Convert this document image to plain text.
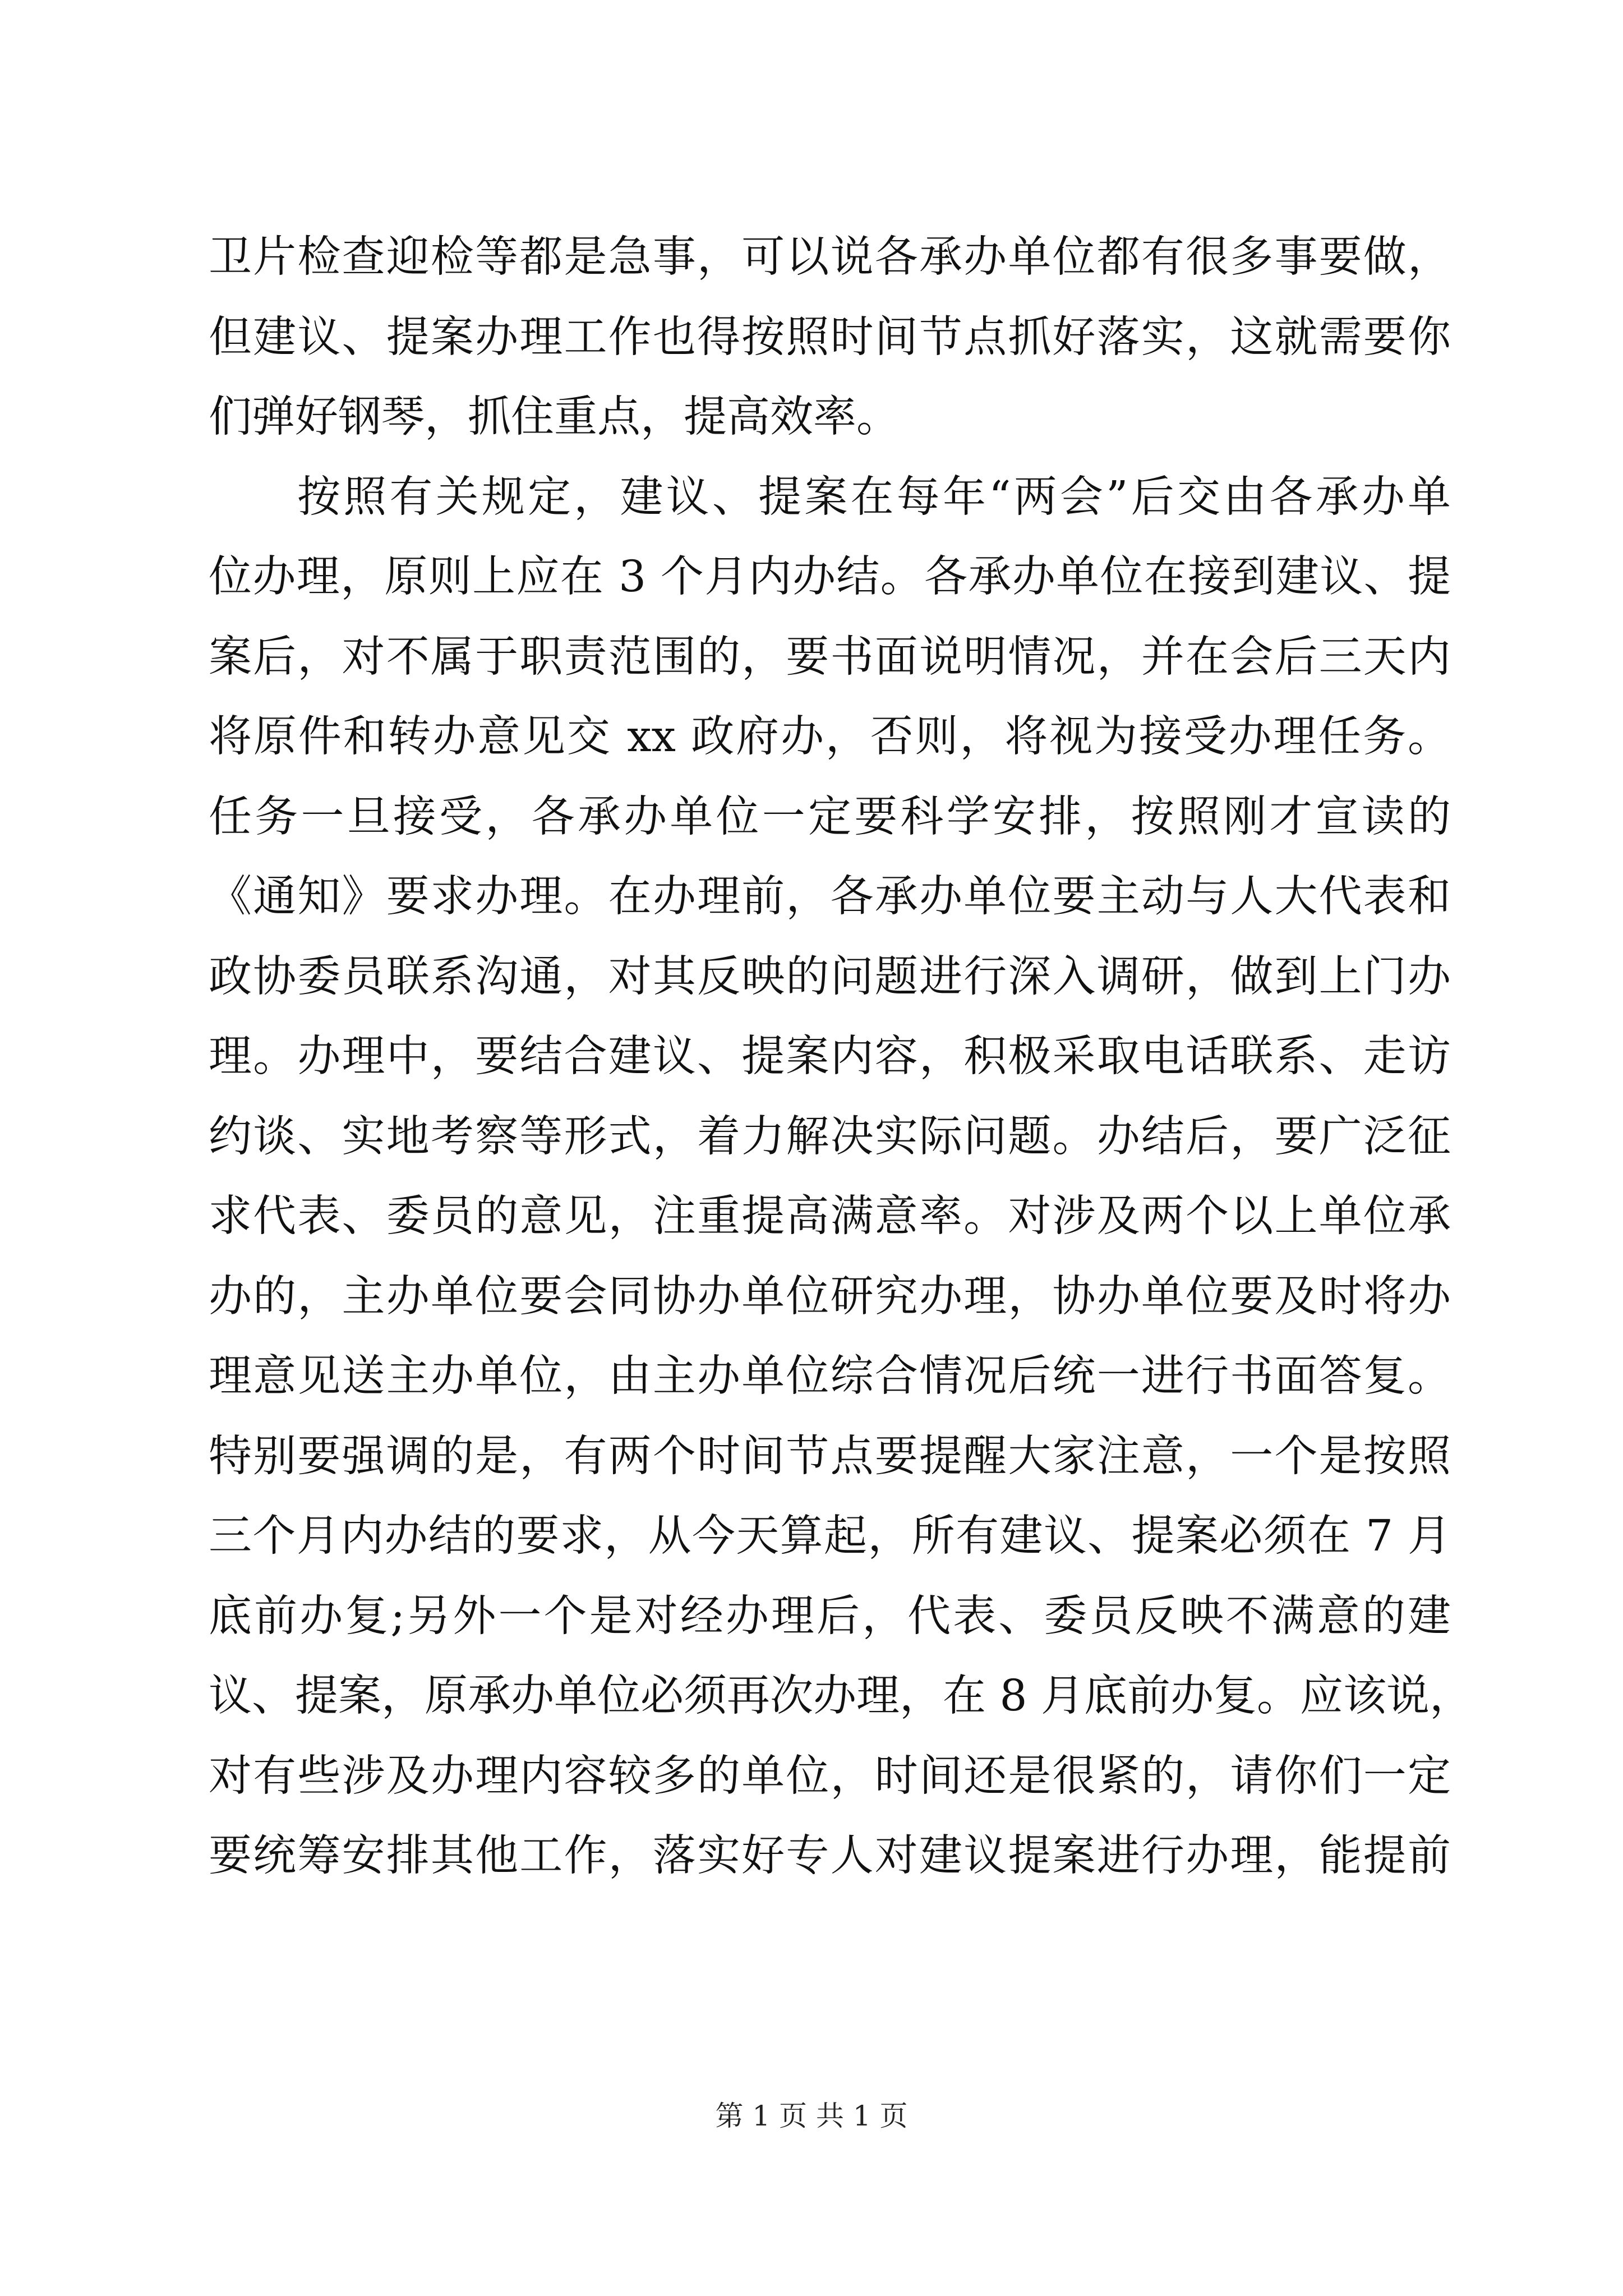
卫片检查迎检等都是急事，可以说各承办单位都有很多事要做，
但建议、提案办理工作也得按照时间节点抓好落实，这就需要你
们弹好钢琴，抓住重点，提高效率。
按照有关规定，建议、提案在每年“两会”后交由各承办单
位办理，原则上应在 3 个月内办结。各承办单位在接到建议、提
案后，对不属于职责范围的，要书面说明情况，并在会后三天内
将原件和转办意见交 xx 政府办，否则，将视为接受办理任务。
任务一旦接受，各承办单位一定要科学安排，按照刚才宣读的
《通知》要求办理。在办理前，各承办单位要主动与人大代表和
政协委员联系沟通，对其反映的问题进行深入调研，做到上门办
理。办理中，要结合建议、提案内容，积极采取电话联系、走访
约谈、实地考察等形式，着力解决实际问题。办结后，要广泛征
求代表、委员的意见，注重提高满意率。对涉及两个以上单位承
办的，主办单位要会同协办单位研究办理，协办单位要及时将办
理意见送主办单位，由主办单位综合情况后统一进行书面答复。
特别要强调的是，有两个时间节点要提醒大家注意，一个是按照
三个月内办结的要求，从今天算起，所有建议、提案必须在 7 月
底前办复;另外一个是对经办理后，代表、委员反映不满意的建
议、提案，原承办单位必须再次办理，在 8 月底前办复。应该说，
对有些涉及办理内容较多的单位，时间还是很紧的，请你们一定
要统筹安排其他工作，落实好专人对建议提案进行办理，能提前
第 1 页 共 1 页
